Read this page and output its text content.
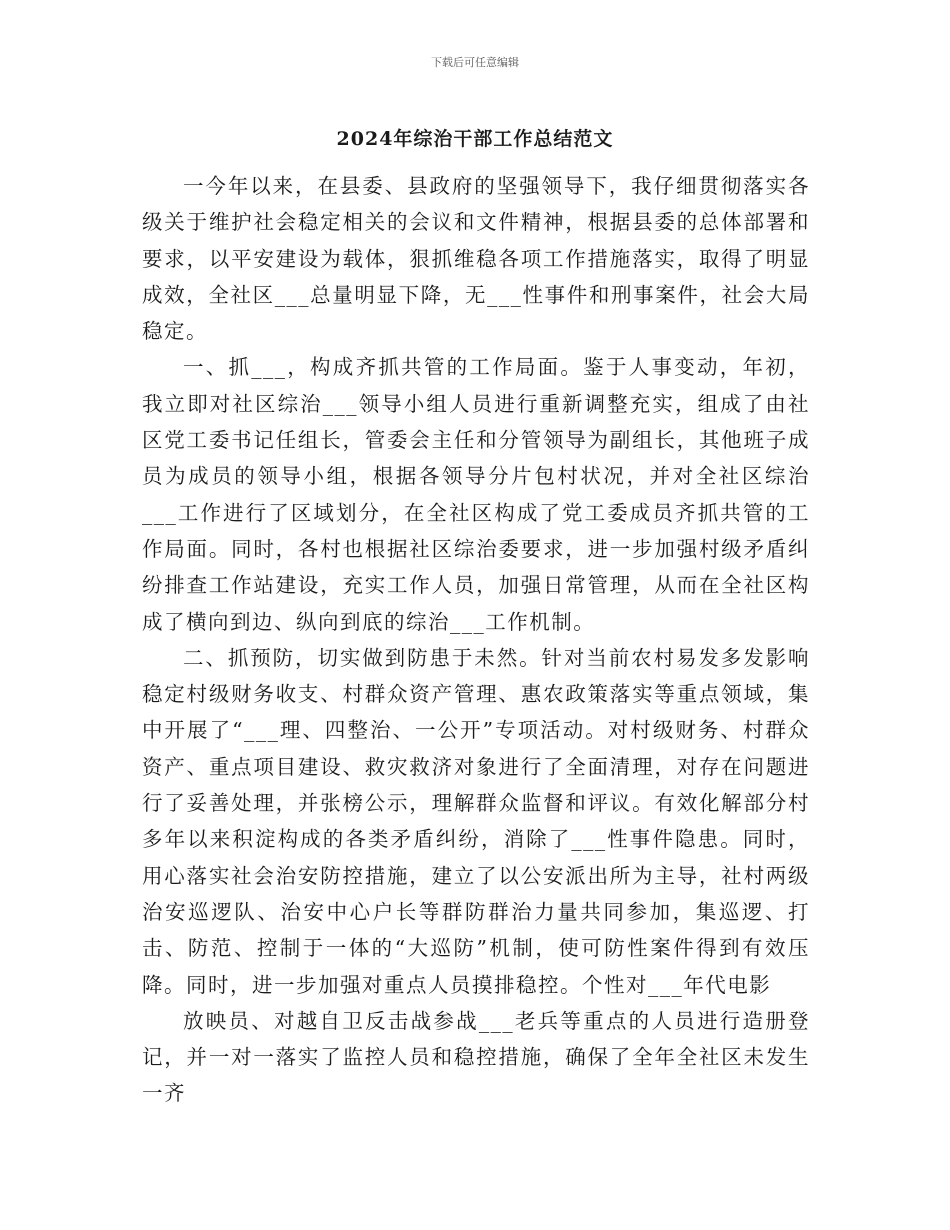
下载后可任意编辑
2024年综治干部工作总结范文

一今年以来，在县委、县政府的坚强领导下，我仔细贯彻落实各级关于维护社会稳定相关的会议和文件精神，根据县委的总体部署和要求，以平安建设为载体，狠抓维稳各项工作措施落实，取得了明显成效，全社区___总量明显下降，无___性事件和刑事案件，社会大局稳定。

一、抓___，构成齐抓共管的工作局面。鉴于人事变动，年初，我立即对社区综治___领导小组人员进行重新调整充实，组成了由社区党工委书记任组长，管委会主任和分管领导为副组长，其他班子成员为成员的领导小组，根据各领导分片包村状况，并对全社区综治___工作进行了区域划分，在全社区构成了党工委成员齐抓共管的工作局面。同时，各村也根据社区综治委要求，进一步加强村级矛盾纠纷排查工作站建设，充实工作人员，加强日常管理，从而在全社区构成了横向到边、纵向到底的综治___工作机制。

二、抓预防，切实做到防患于未然。针对当前农村易发多发影响稳定村级财务收支、村群众资产管理、惠农政策落实等重点领域，集中开展了“___理、四整治、一公开”专项活动。对村级财务、村群众资产、重点项目建设、救灾救济对象进行了全面清理，对存在问题进行了妥善处理，并张榜公示，理解群众监督和评议。有效化解部分村多年以来积淀构成的各类矛盾纠纷，消除了___性事件隐患。同时，用心落实社会治安防控措施，建立了以公安派出所为主导，社村两级治安巡逻队、治安中心户长等群防群治力量共同参加，集巡逻、打击、防范、控制于一体的“大巡防”机制，使可防性案件得到有效压降。同时，进一步加强对重点人员摸排稳控。个性对___年代电影

放映员、对越自卫反击战参战___老兵等重点的人员进行造册登记，并一对一落实了监控人员和稳控措施，确保了全年全社区未发生一齐
